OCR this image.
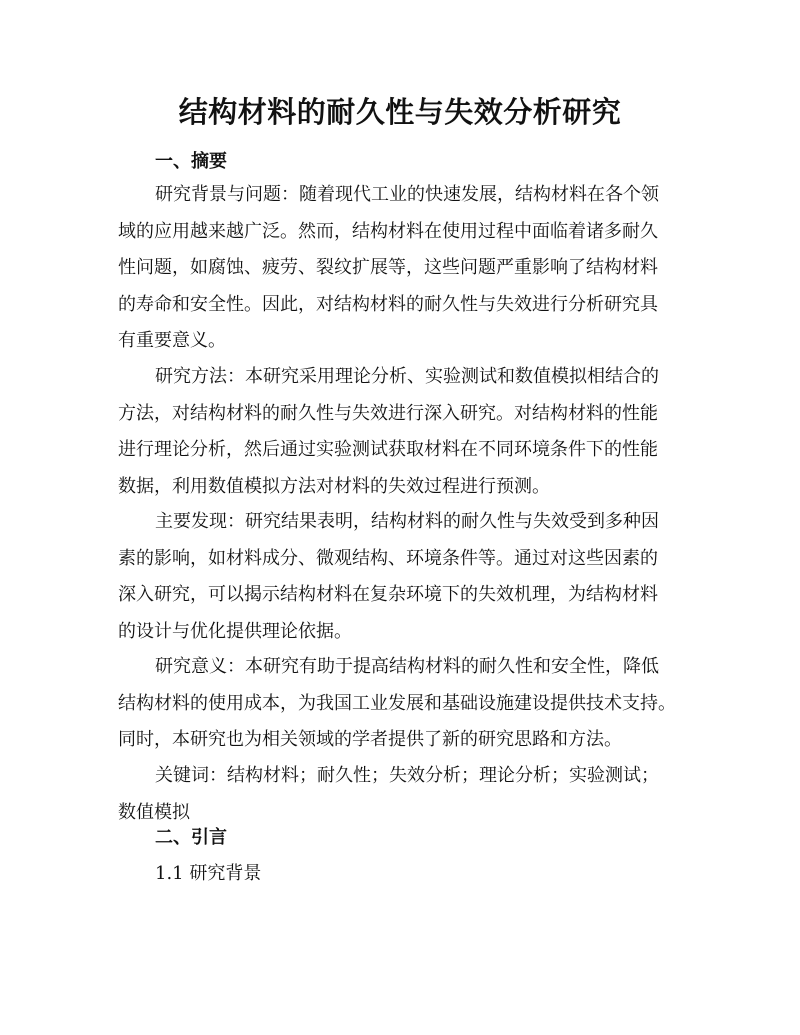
结构材料的耐久性与失效分析研究
一、摘要
研究背景与问题：随着现代工业的快速发展，结构材料在各个领
域的应用越来越广泛。然而，结构材料在使用过程中面临着诸多耐久
性问题，如腐蚀、疲劳、裂纹扩展等，这些问题严重影响了结构材料
的寿命和安全性。因此，对结构材料的耐久性与失效进行分析研究具
有重要意义。
研究方法：本研究采用理论分析、实验测试和数值模拟相结合的
方法，对结构材料的耐久性与失效进行深入研究。对结构材料的性能
进行理论分析，然后通过实验测试获取材料在不同环境条件下的性能
数据，利用数值模拟方法对材料的失效过程进行预测。
主要发现：研究结果表明，结构材料的耐久性与失效受到多种因
素的影响，如材料成分、微观结构、环境条件等。通过对这些因素的
深入研究，可以揭示结构材料在复杂环境下的失效机理，为结构材料
的设计与优化提供理论依据。
研究意义：本研究有助于提高结构材料的耐久性和安全性，降低
结构材料的使用成本，为我国工业发展和基础设施建设提供技术支持。
同时，本研究也为相关领域的学者提供了新的研究思路和方法。
关键词：结构材料；耐久性；失效分析；理论分析；实验测试；
数值模拟
二、引言
1.1 研究背景
